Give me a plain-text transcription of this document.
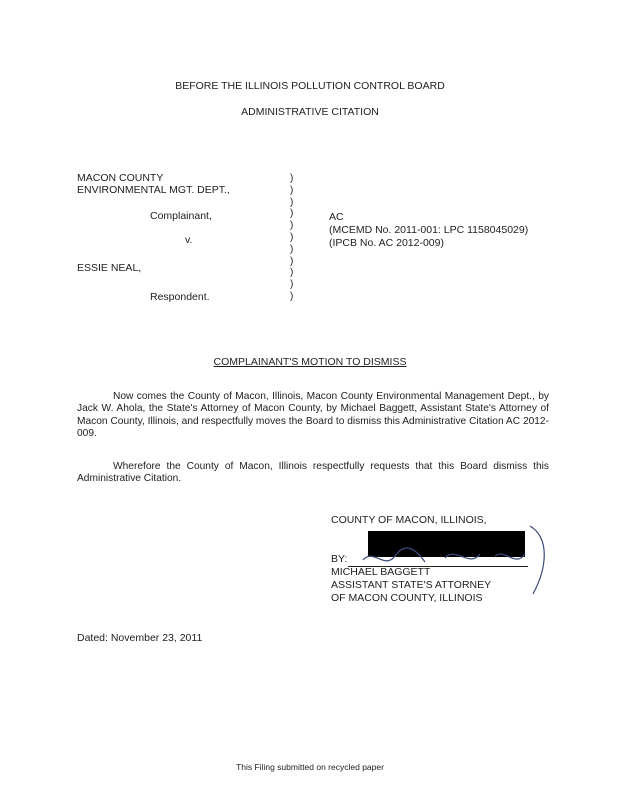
BEFORE THE ILLINOIS POLLUTION CONTROL BOARD
ADMINISTRATIVE CITATION
MACON COUNTY
ENVIRONMENTAL MGT. DEPT.,
Complainant,
v.
ESSIE NEAL,
Respondent.
)
)
)
)
)
)
)
)
)
)
)
AC
(MCEMD No. 2011-001: LPC 1158045029)
(IPCB No. AC 2012-009)
COMPLAINANT'S MOTION TO DISMISS
Now comes the County of Macon, Illinois, Macon County Environmental Management Dept., by Jack W. Ahola, the State's Attorney of Macon County, by Michael Baggett, Assistant State's Attorney of Macon County, Illinois, and respectfully moves the Board to dismiss this Administrative Citation AC 2012-009.
Wherefore the County of Macon, Illinois respectfully requests that this Board dismiss this Administrative Citation.
COUNTY OF MACON, ILLINOIS,
BY:
MICHAEL BAGGETT
ASSISTANT STATE'S ATTORNEY
OF MACON COUNTY, ILLINOIS
Dated: November 23, 2011
This Filing submitted on recycled paper
